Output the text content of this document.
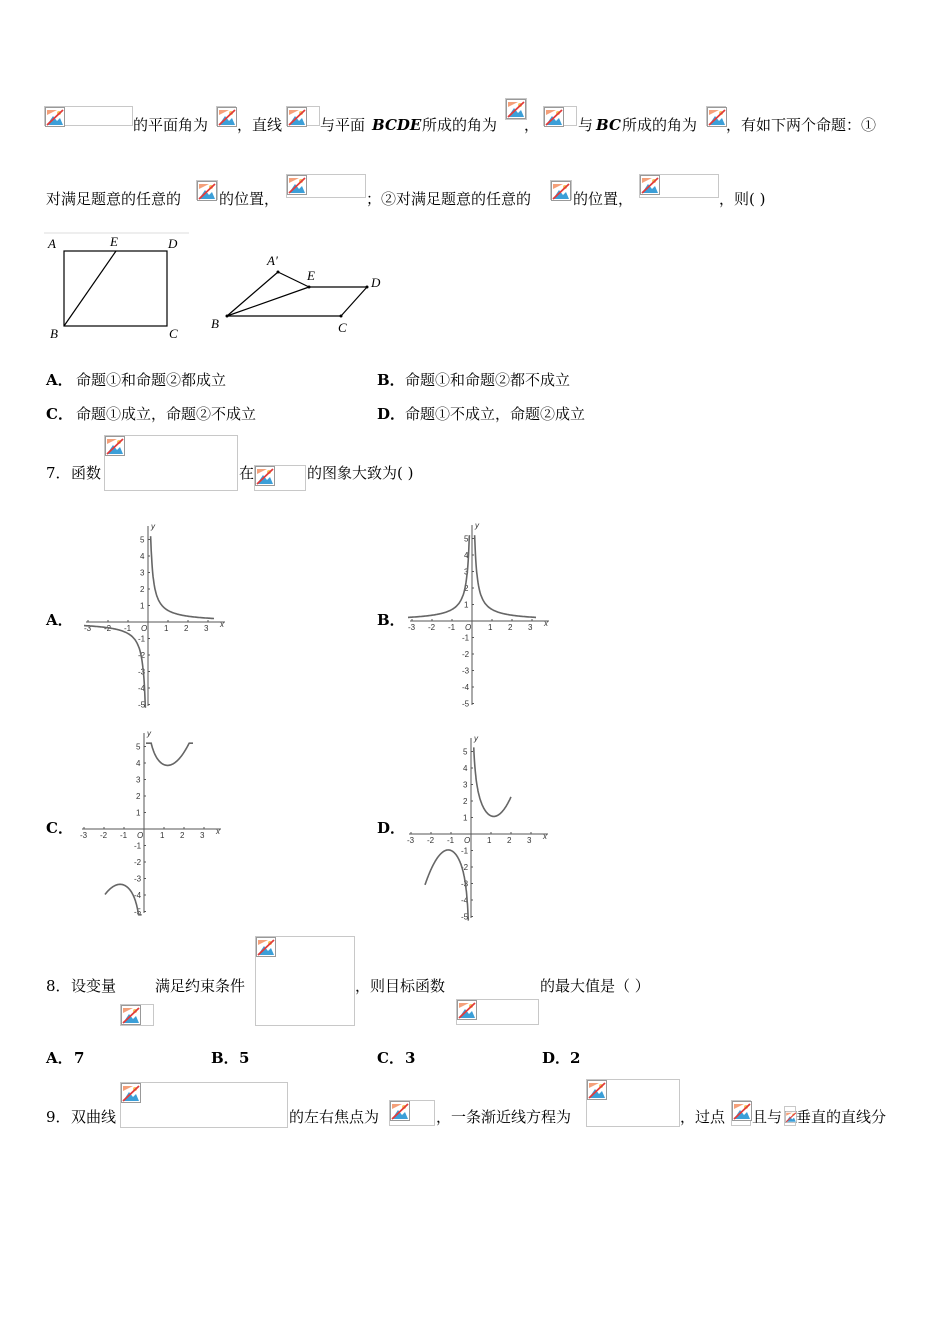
的平面角为 ，直线	与平面 BCDE 所成的角为 ，	与 BC 所成的角为 ，有如下两个命题：①
对满足题意的任意的	的位置，	；②对满足题意的任意的	的位置，	，则( )
A	E	D
B	C
A′
E	D
B	C
A． 命题①和命题②都成立	B． 命题①和命题②都不成立
C． 命题①成立，命题②不成立	D． 命题①不成立，命题②成立
7． 函数	在	的图象大致为( )
A．	B．
C．	D．
-3 -2 -1	1 2 3
5
4
3
2
1
-1
-2
-3
-4
-5
O	x
y
-3 -2 -1	1 2 3
5
4
3
2
1
-1
-2
-3
-4
-5
O	x
y
-3 -2 -1	1 2 3
5
4
3
2
1
-1
-2
-3
-4
-5
O	x
y
-3 -2 -1	1 2 3
5
4
3
2
1
-1
-2
-3
-4
-5
O	x
y
8． 设变量	满足约束条件	，则目标函数	的最大值是（ ）
A． 7	B． 5	C． 3	D． 2
9． 双曲线	的左右焦点为	，一条渐近线方程为	，过点 且与 垂直的直线分
